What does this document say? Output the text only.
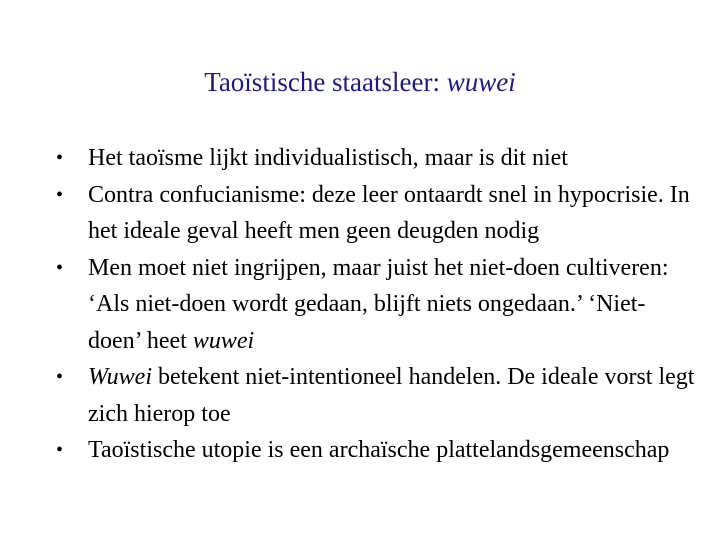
Taoïstische staatsleer: wuwei
•	Het taoïsme lijkt individualistisch, maar is dit niet
•	Contra confucianisme: deze leer ontaardt snel in hypocrisie. In het ideale geval heeft men geen deugden nodig
•	Men moet niet ingrijpen, maar juist het niet-doen cultiveren: ‘Als niet-doen wordt gedaan, blijft niets ongedaan.’ ‘Niet-doen’ heet wuwei
•	Wuwei betekent niet-intentioneel handelen. De ideale vorst legt zich hierop toe
•	Taoïstische utopie is een archaïsche plattelandsgemeenschap
